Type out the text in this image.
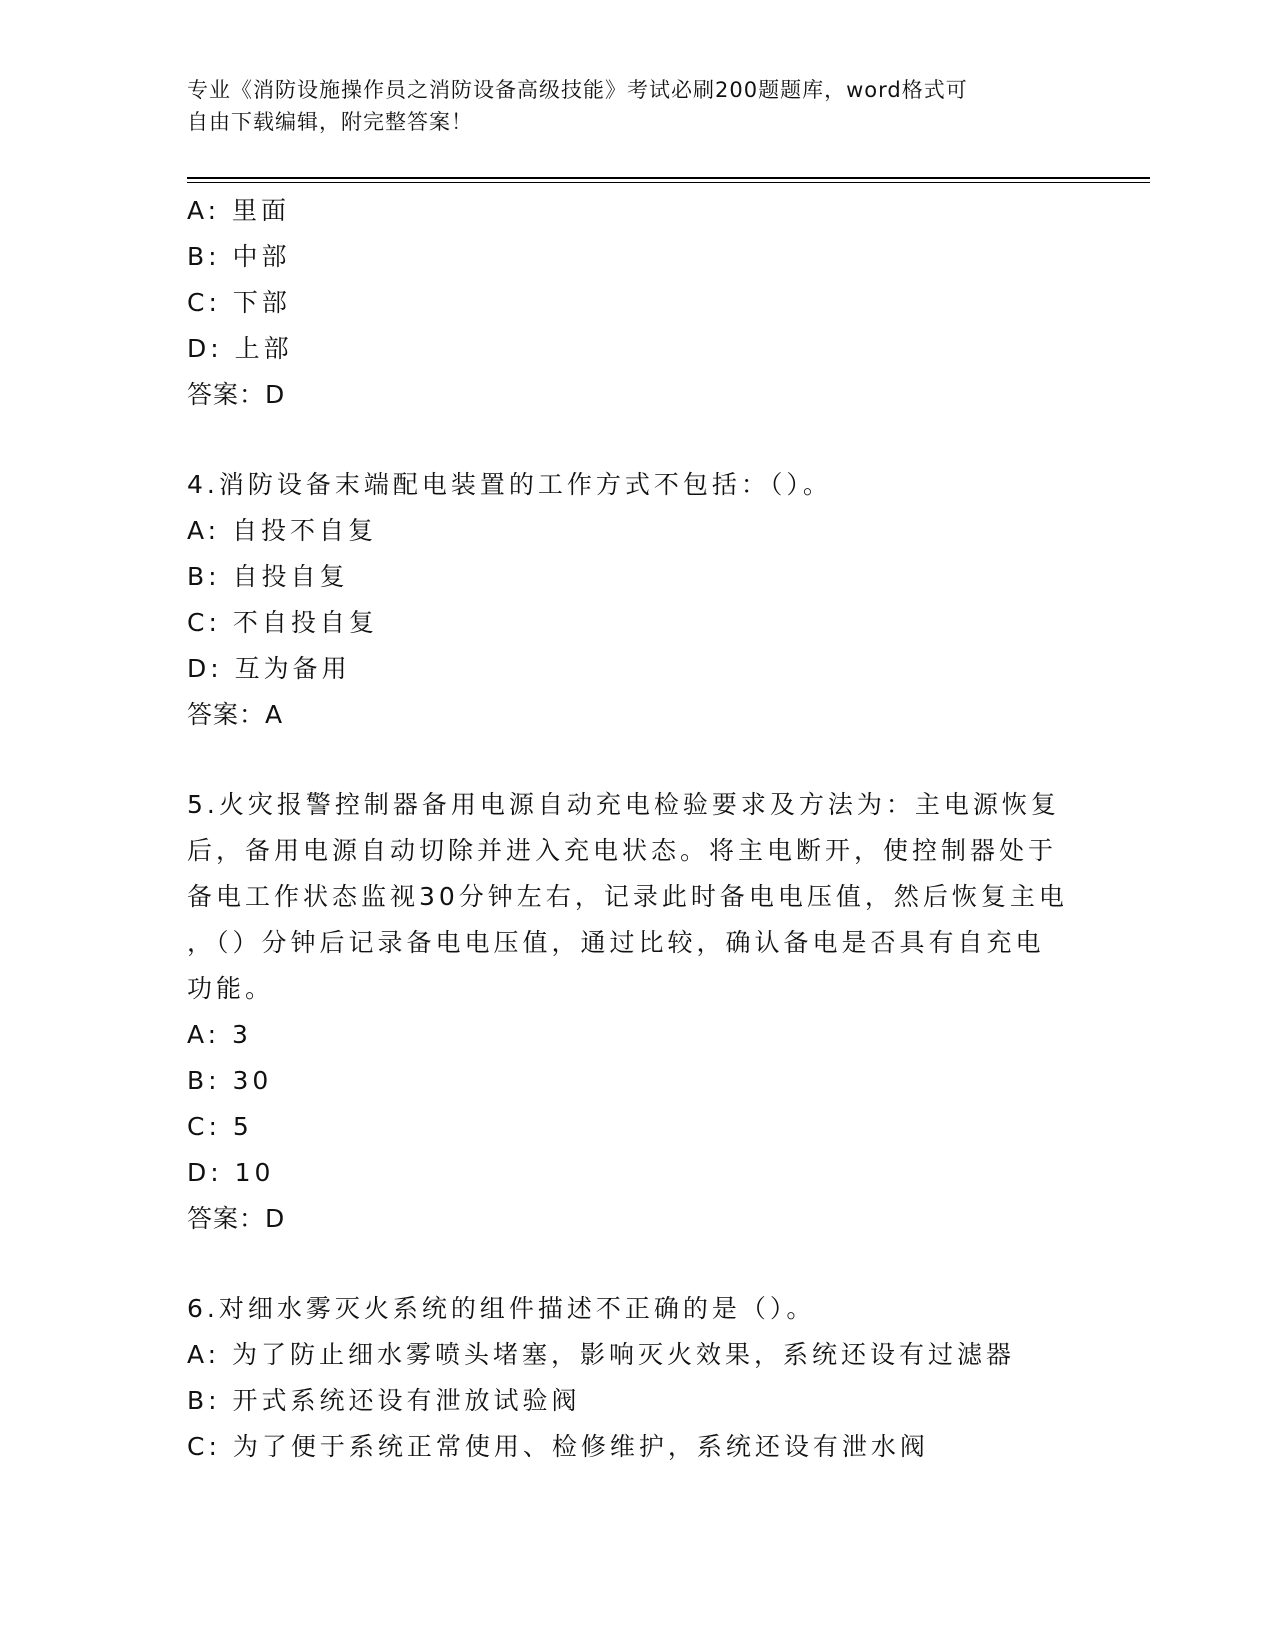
专业《消防设施操作员之消防设备高级技能》考试必刷200题题库，word格式可
自由下载编辑，附完整答案！
A: 里面
B: 中部
C: 下部
D: 上部
答案：D
4.消防设备末端配电装置的工作方式不包括：（）。
A: 自投不自复
B: 自投自复
C: 不自投自复
D: 互为备用
答案：A
5.火灾报警控制器备用电源自动充电检验要求及方法为：主电源恢复
后，备用电源自动切除并进入充电状态。将主电断开，使控制器处于
备电工作状态监视30分钟左右，记录此时备电电压值，然后恢复主电
，（）分钟后记录备电电压值，通过比较，确认备电是否具有自充电
功能。
A: 3
B: 30
C: 5
D: 10
答案：D
6.对细水雾灭火系统的组件描述不正确的是（）。
A: 为了防止细水雾喷头堵塞，影响灭火效果，系统还设有过滤器
B: 开式系统还设有泄放试验阀
C: 为了便于系统正常使用、检修维护，系统还设有泄水阀
